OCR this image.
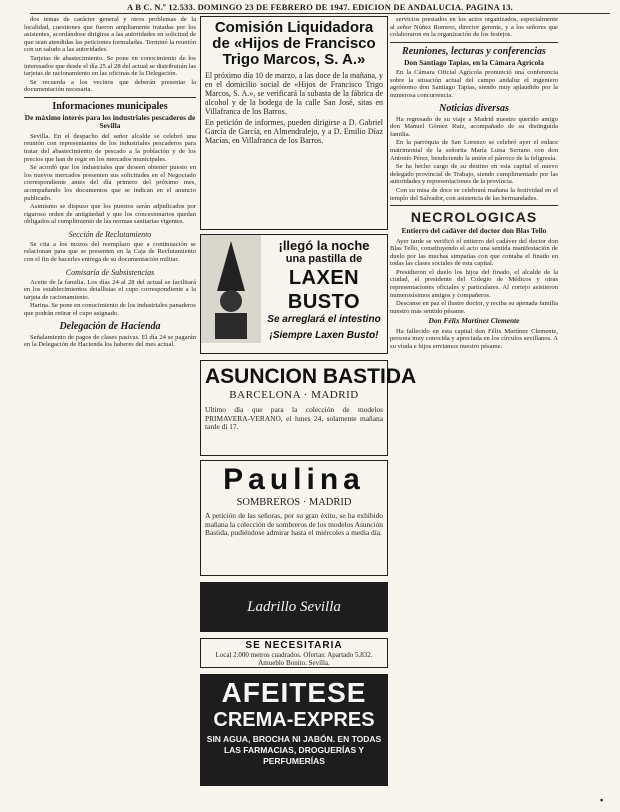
A B C. N.º 12.533. DOMINGO 23 DE FEBRERO DE 1947. EDICION DE ANDALUCIA. PAGINA 13.

dos temas de carácter general y otros problemas de la localidad, cuestiones que fueron ampliamente tratadas por los asistentes, acordándose dirigirse a las autoridades en solicitud de que sean atendidas las peticiones formuladas. Terminó la reunión con un saludo a las autoridades.

Tarjetas de abastecimiento. Se pone en conocimiento de los interesados que desde el día 25 al 28 del actual se distribuirán las tarjetas de racionamiento en las oficinas de la Delegación.

Se recuerda a los vecinos que deberán presentar la documentación necesaria.

Informaciones municipales
De máximo interés para los industriales pescaderos de Sevilla

Sevilla. En el despacho del señor alcalde se celebró una reunión con representantes de los industriales pescaderos para tratar del abastecimiento de pescado a la población y de los precios que han de regir en los mercados municipales.

Se acordó que los industriales que deseen obtener puesto en los nuevos mercados presenten sus solicitudes en el Negociado correspondiente antes del día primero del próximo mes, acompañando los documentos que se indican en el anuncio publicado.

Asimismo se dispuso que los puestos serán adjudicados por riguroso orden de antigüedad y que los concesionarios quedan obligados al cumplimiento de las normas sanitarias vigentes.

Sección de Reclutamiento

Se cita a los mozos del reemplazo que a continuación se relacionan para que se presenten en la Caja de Reclutamiento con el fin de hacerles entrega de su documentación militar.

Comisaría de Subsistencias

Aceite de la familia. Los días 24 al 28 del actual se facilitará en los establecimientos detallistas el cupo correspondiente a la tarjeta de racionamiento.

Harina. Se pone en conocimiento de los industriales panaderos que podrán retirar el cupo asignado.

Delegación de Hacienda

Señalamiento de pagos de clases pasivas. El día 24 se pagarán en la Delegación de Hacienda los haberes del mes actual.

Comisión Liquidadora de «Hijos de Francisco Trigo Marcos, S. A.»
El próximo día 10 de marzo, a las doce de la mañana, y en el domicilio social de «Hijos de Francisco Trigo Marcos, S. A.», se verificará la subasta de la fábrica de alcohol y de la bodega de la calle San José, sitas en Villafranca de los Barros.
En petición de informes, pueden dirigirse a D. Gabriel García de García, en Almendralejo, y a D. Emilio Díaz Macías, en Villafranca de los Barros.
¡llegó la noche
una pastilla de
LAXEN BUSTO
Se arreglará el intestino
¡Siempre Laxen Busto!
ASUNCION BASTIDA
BARCELONA · MADRID
Ultimo día que para la colección de modelos PRIMAVERA-VERANO, el lunes 24, solamente mañana tarde dí 17.
Paulina
SOMBREROS · MADRID
A petición de las señoras, por su gran éxito, se ha exhibido mañana la colección de sombreros de los modelos Asunción Bastida, pudiéndose admirar hasta el miércoles a media día.
Ladrillo Sevilla
SE NECESITARIA
Local 2.000 metros cuadrados. Ofertas: Apartado 5.832. Amueblo Bonito. Sevilla.
AFEITESE
CREMA-EXPRES
SIN AGUA, BROCHA NI JABÓN. EN TODAS LAS FARMACIAS, DROGUERÍAS Y PERFUMERÍAS

servicios prestados en los actos organizados, especialmente al señor Núñez Romero, director gerente, y a los señores que colaboraron en la organización de los festejos.

Reuniones, lecturas y conferencias
Don Santiago Tapias, en la Cámara Agrícola

En la Cámara Oficial Agrícola pronunció una conferencia sobre la situación actual del campo andaluz el ingeniero agrónomo don Santiago Tapias, siendo muy aplaudido por la numerosa concurrencia.

Noticias diversas

Ha regresado de su viaje a Madrid nuestro querido amigo don Manuel Gómez Ruiz, acompañado de su distinguida familia.

En la parroquia de San Lorenzo se celebró ayer el enlace matrimonial de la señorita María Luisa Serrano con don Antonio Pérez, bendiciendo la unión el párroco de la feligresía.

Se ha hecho cargo de su destino en esta capital el nuevo delegado provincial de Trabajo, siendo cumplimentado por las autoridades y representaciones de la provincia.

Con su misa de doce se celebrará mañana la festividad en el templo del Salvador, con asistencia de las hermandades.

NECROLOGICAS
Entierro del cadáver del doctor don Blas Tello

Ayer tarde se verificó el entierro del cadáver del doctor don Blas Tello, constituyendo el acto una sentida manifestación de duelo por las muchas simpatías con que contaba el finado en todas las clases sociales de esta capital.

Presidieron el duelo los hijos del finado, el alcalde de la ciudad, el presidente del Colegio de Médicos y otras representaciones oficiales y particulares. Al cortejo asistieron numerosísimos amigos y compañeros.

Descanse en paz el ilustre doctor, y reciba su apenada familia nuestro más sentido pésame.

Don Félix Martínez Clemente

Ha fallecido en esta capital don Félix Martínez Clemente, persona muy conocida y apreciada en los círculos sevillanos. A su viuda e hijos enviamos nuestro pésame.

▪
